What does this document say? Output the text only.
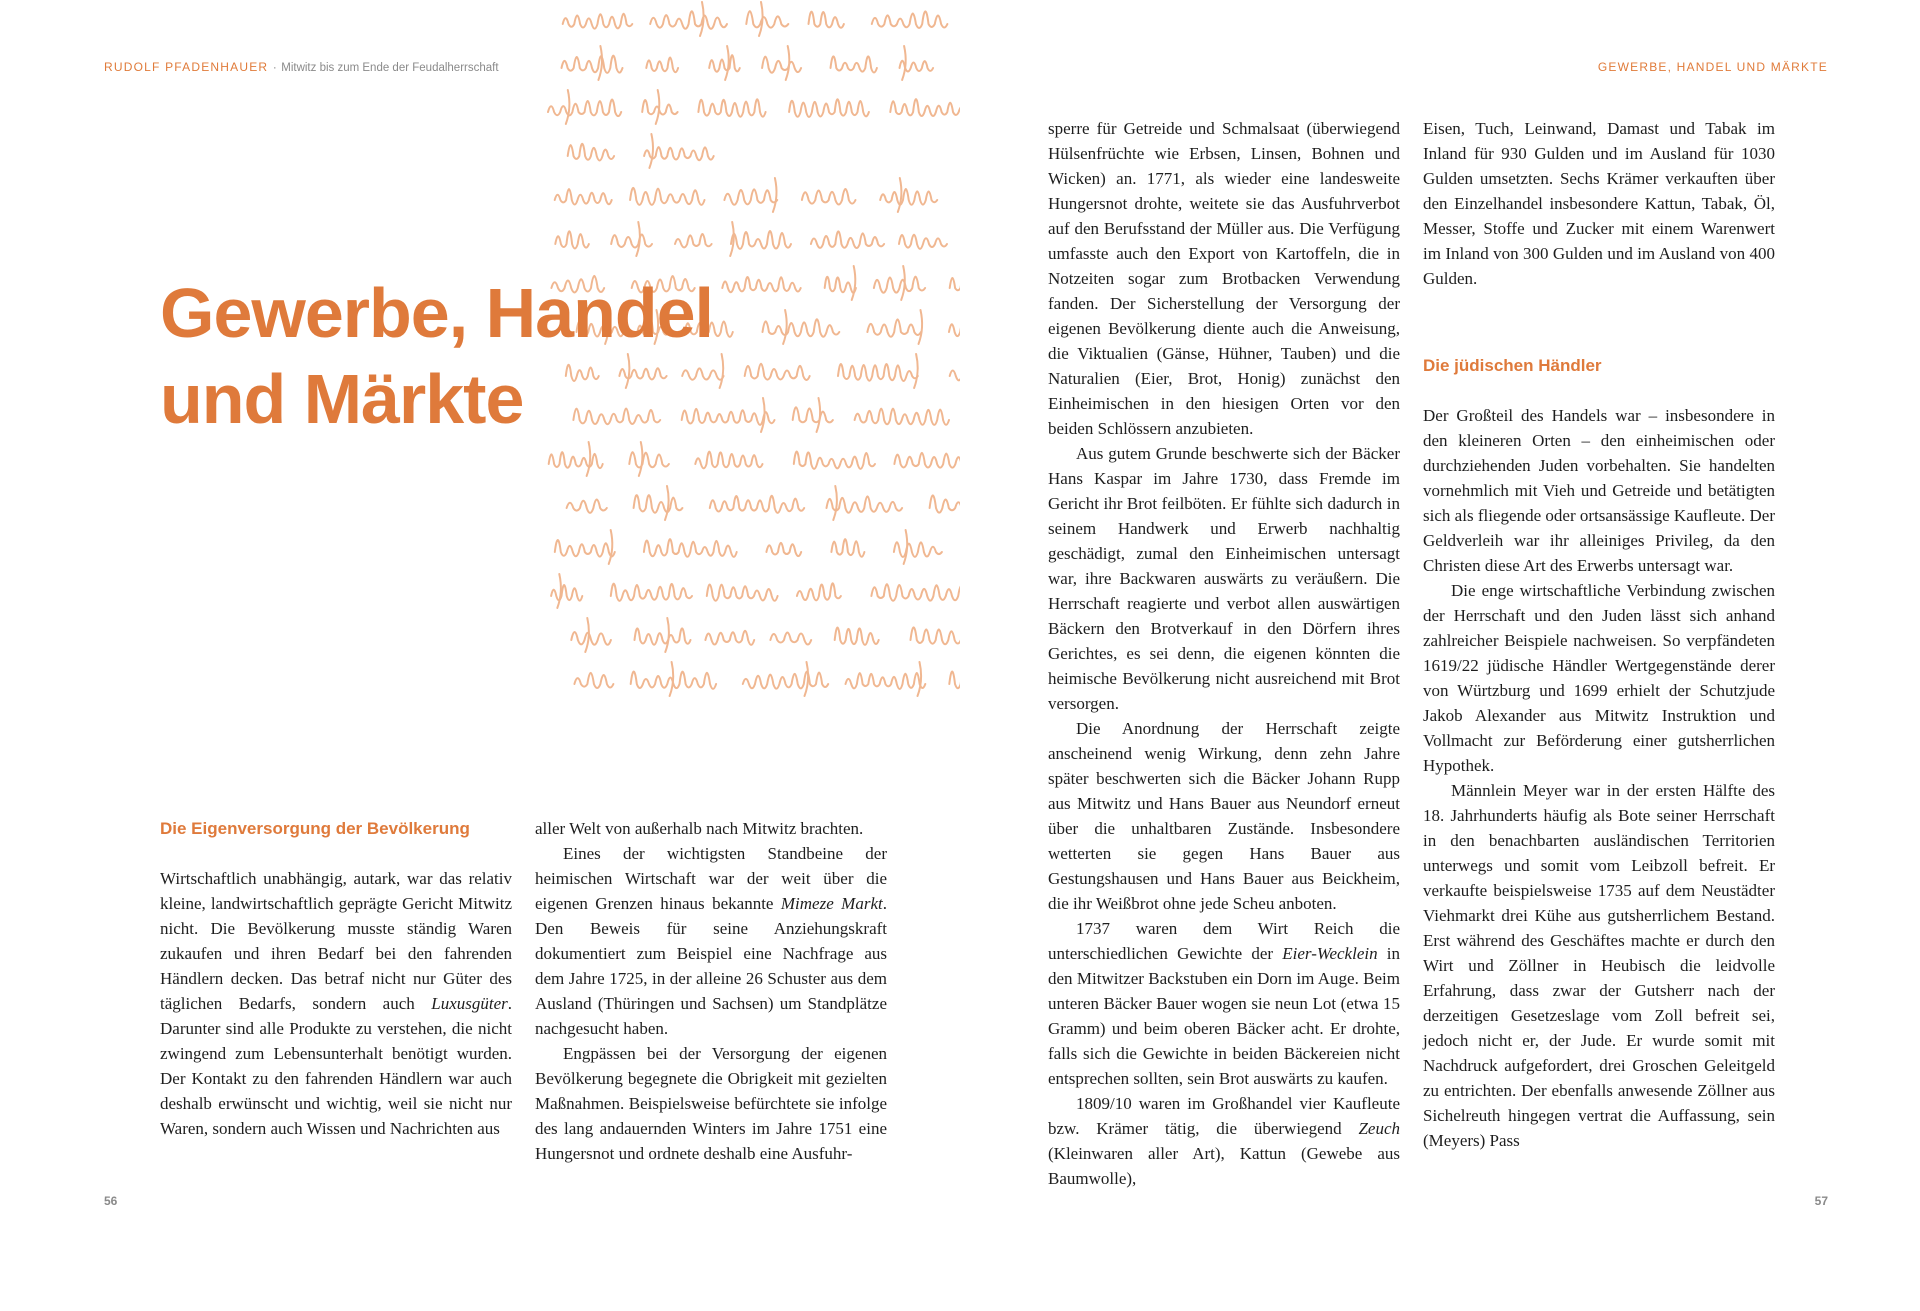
RUDOLF PFADENHAUER · Mitwitz bis zum Ende der Feudalherrschaft
Gewerbe, Handel
und Märkte
Die Eigenversorgung der Bevölkerung

Wirtschaftlich unabhängig, autark, war das relativ kleine, landwirtschaftlich geprägte Gericht Mitwitz nicht. Die Bevölkerung musste ständig Waren zukaufen und ihren Bedarf bei den fahrenden Händlern decken. Das betraf nicht nur Güter des täglichen Bedarfs, sondern auch Luxusgüter. Darunter sind alle Produkte zu verstehen, die nicht zwingend zum Lebensunterhalt benötigt wurden. Der Kontakt zu den fahrenden Händlern war auch deshalb erwünscht und wichtig, weil sie nicht nur Waren, sondern auch Wissen und Nachrichten aus

aller Welt von außerhalb nach Mitwitz brachten.

Eines der wichtigsten Standbeine der heimischen Wirtschaft war der weit über die eigenen Grenzen hinaus bekannte Mimeze Markt. Den Beweis für seine Anziehungskraft dokumentiert zum Beispiel eine Nachfrage aus dem Jahre 1725, in der alleine 26 Schuster aus dem Ausland (Thüringen und Sachsen) um Standplätze nachgesucht haben.

Engpässen bei der Versorgung der eigenen Bevölkerung begegnete die Obrigkeit mit gezielten Maßnahmen. Beispielsweise befürchtete sie infolge des lang andauernden Winters im Jahre 1751 eine Hungersnot und ordnete deshalb eine Ausfuhr-

56
GEWERBE, HANDEL UND MÄRKTE

sperre für Getreide und Schmalsaat (überwiegend Hülsenfrüchte wie Erbsen, Linsen, Bohnen und Wicken) an. 1771, als wieder eine landesweite Hungersnot drohte, weitete sie das Ausfuhrverbot auf den Berufsstand der Müller aus. Die Verfügung umfasste auch den Export von Kartoffeln, die in Notzeiten sogar zum Brotbacken Verwendung fanden. Der Sicherstellung der Versorgung der eigenen Bevölkerung diente auch die Anweisung, die Viktualien (Gänse, Hühner, Tauben) und die Naturalien (Eier, Brot, Honig) zunächst den Einheimischen in den hiesigen Orten vor den beiden Schlössern anzubieten.

Aus gutem Grunde beschwerte sich der Bäcker Hans Kaspar im Jahre 1730, dass Fremde im Gericht ihr Brot feilböten. Er fühlte sich dadurch in seinem Handwerk und Erwerb nachhaltig geschädigt, zumal den Einheimischen untersagt war, ihre Backwaren auswärts zu veräußern. Die Herrschaft reagierte und verbot allen auswärtigen Bäckern den Brotverkauf in den Dörfern ihres Gerichtes, es sei denn, die eigenen könnten die heimische Bevölkerung nicht ausreichend mit Brot versorgen.

Die Anordnung der Herrschaft zeigte anscheinend wenig Wirkung, denn zehn Jahre später beschwerten sich die Bäcker Johann Rupp aus Mitwitz und Hans Bauer aus Neundorf erneut über die unhaltbaren Zustände. Insbesondere wetterten sie gegen Hans Bauer aus Gestungshausen und Hans Bauer aus Beickheim, die ihr Weißbrot ohne jede Scheu anboten.

1737 waren dem Wirt Reich die unterschiedlichen Gewichte der Eier-Wecklein in den Mitwitzer Backstuben ein Dorn im Auge. Beim unteren Bäcker Bauer wogen sie neun Lot (etwa 15 Gramm) und beim oberen Bäcker acht. Er drohte, falls sich die Gewichte in beiden Bäckereien nicht entsprechen sollten, sein Brot auswärts zu kaufen.

1809/10 waren im Großhandel vier Kaufleute bzw. Krämer tätig, die überwiegend Zeuch (Kleinwaren aller Art), Kattun (Gewebe aus Baumwolle),

Eisen, Tuch, Leinwand, Damast und Tabak im Inland für 930 Gulden und im Ausland für 1030 Gulden umsetzten. Sechs Krämer verkauften über den Einzelhandel insbesondere Kattun, Tabak, Öl, Messer, Stoffe und Zucker mit einem Warenwert im Inland von 300 Gulden und im Ausland von 400 Gulden.

Die jüdischen Händler

Der Großteil des Handels war – insbesondere in den kleineren Orten – den einheimischen oder durchziehenden Juden vorbehalten. Sie handelten vornehmlich mit Vieh und Getreide und betätigten sich als fliegende oder ortsansässige Kaufleute. Der Geldverleih war ihr alleiniges Privileg, da den Christen diese Art des Erwerbs untersagt war.

Die enge wirtschaftliche Verbindung zwischen der Herrschaft und den Juden lässt sich anhand zahlreicher Beispiele nachweisen. So verpfändeten 1619/22 jüdische Händler Wertgegenstände derer von Würtzburg und 1699 erhielt der Schutzjude Jakob Alexander aus Mitwitz Instruktion und Vollmacht zur Beförderung einer gutsherrlichen Hypothek.

Männlein Meyer war in der ersten Hälfte des 18. Jahrhunderts häufig als Bote seiner Herrschaft in den benachbarten ausländischen Territorien unterwegs und somit vom Leibzoll befreit. Er verkaufte beispielsweise 1735 auf dem Neustädter Viehmarkt drei Kühe aus gutsherrlichem Bestand. Erst während des Geschäftes machte er durch den Wirt und Zöllner in Heubisch die leidvolle Erfahrung, dass zwar der Gutsherr nach der derzeitigen Gesetzeslage vom Zoll befreit sei, jedoch nicht er, der Jude. Er wurde somit mit Nachdruck aufgefordert, drei Groschen Geleitgeld zu entrichten. Der ebenfalls anwesende Zöllner aus Sichelreuth hingegen vertrat die Auffassung, sein (Meyers) Pass

57
